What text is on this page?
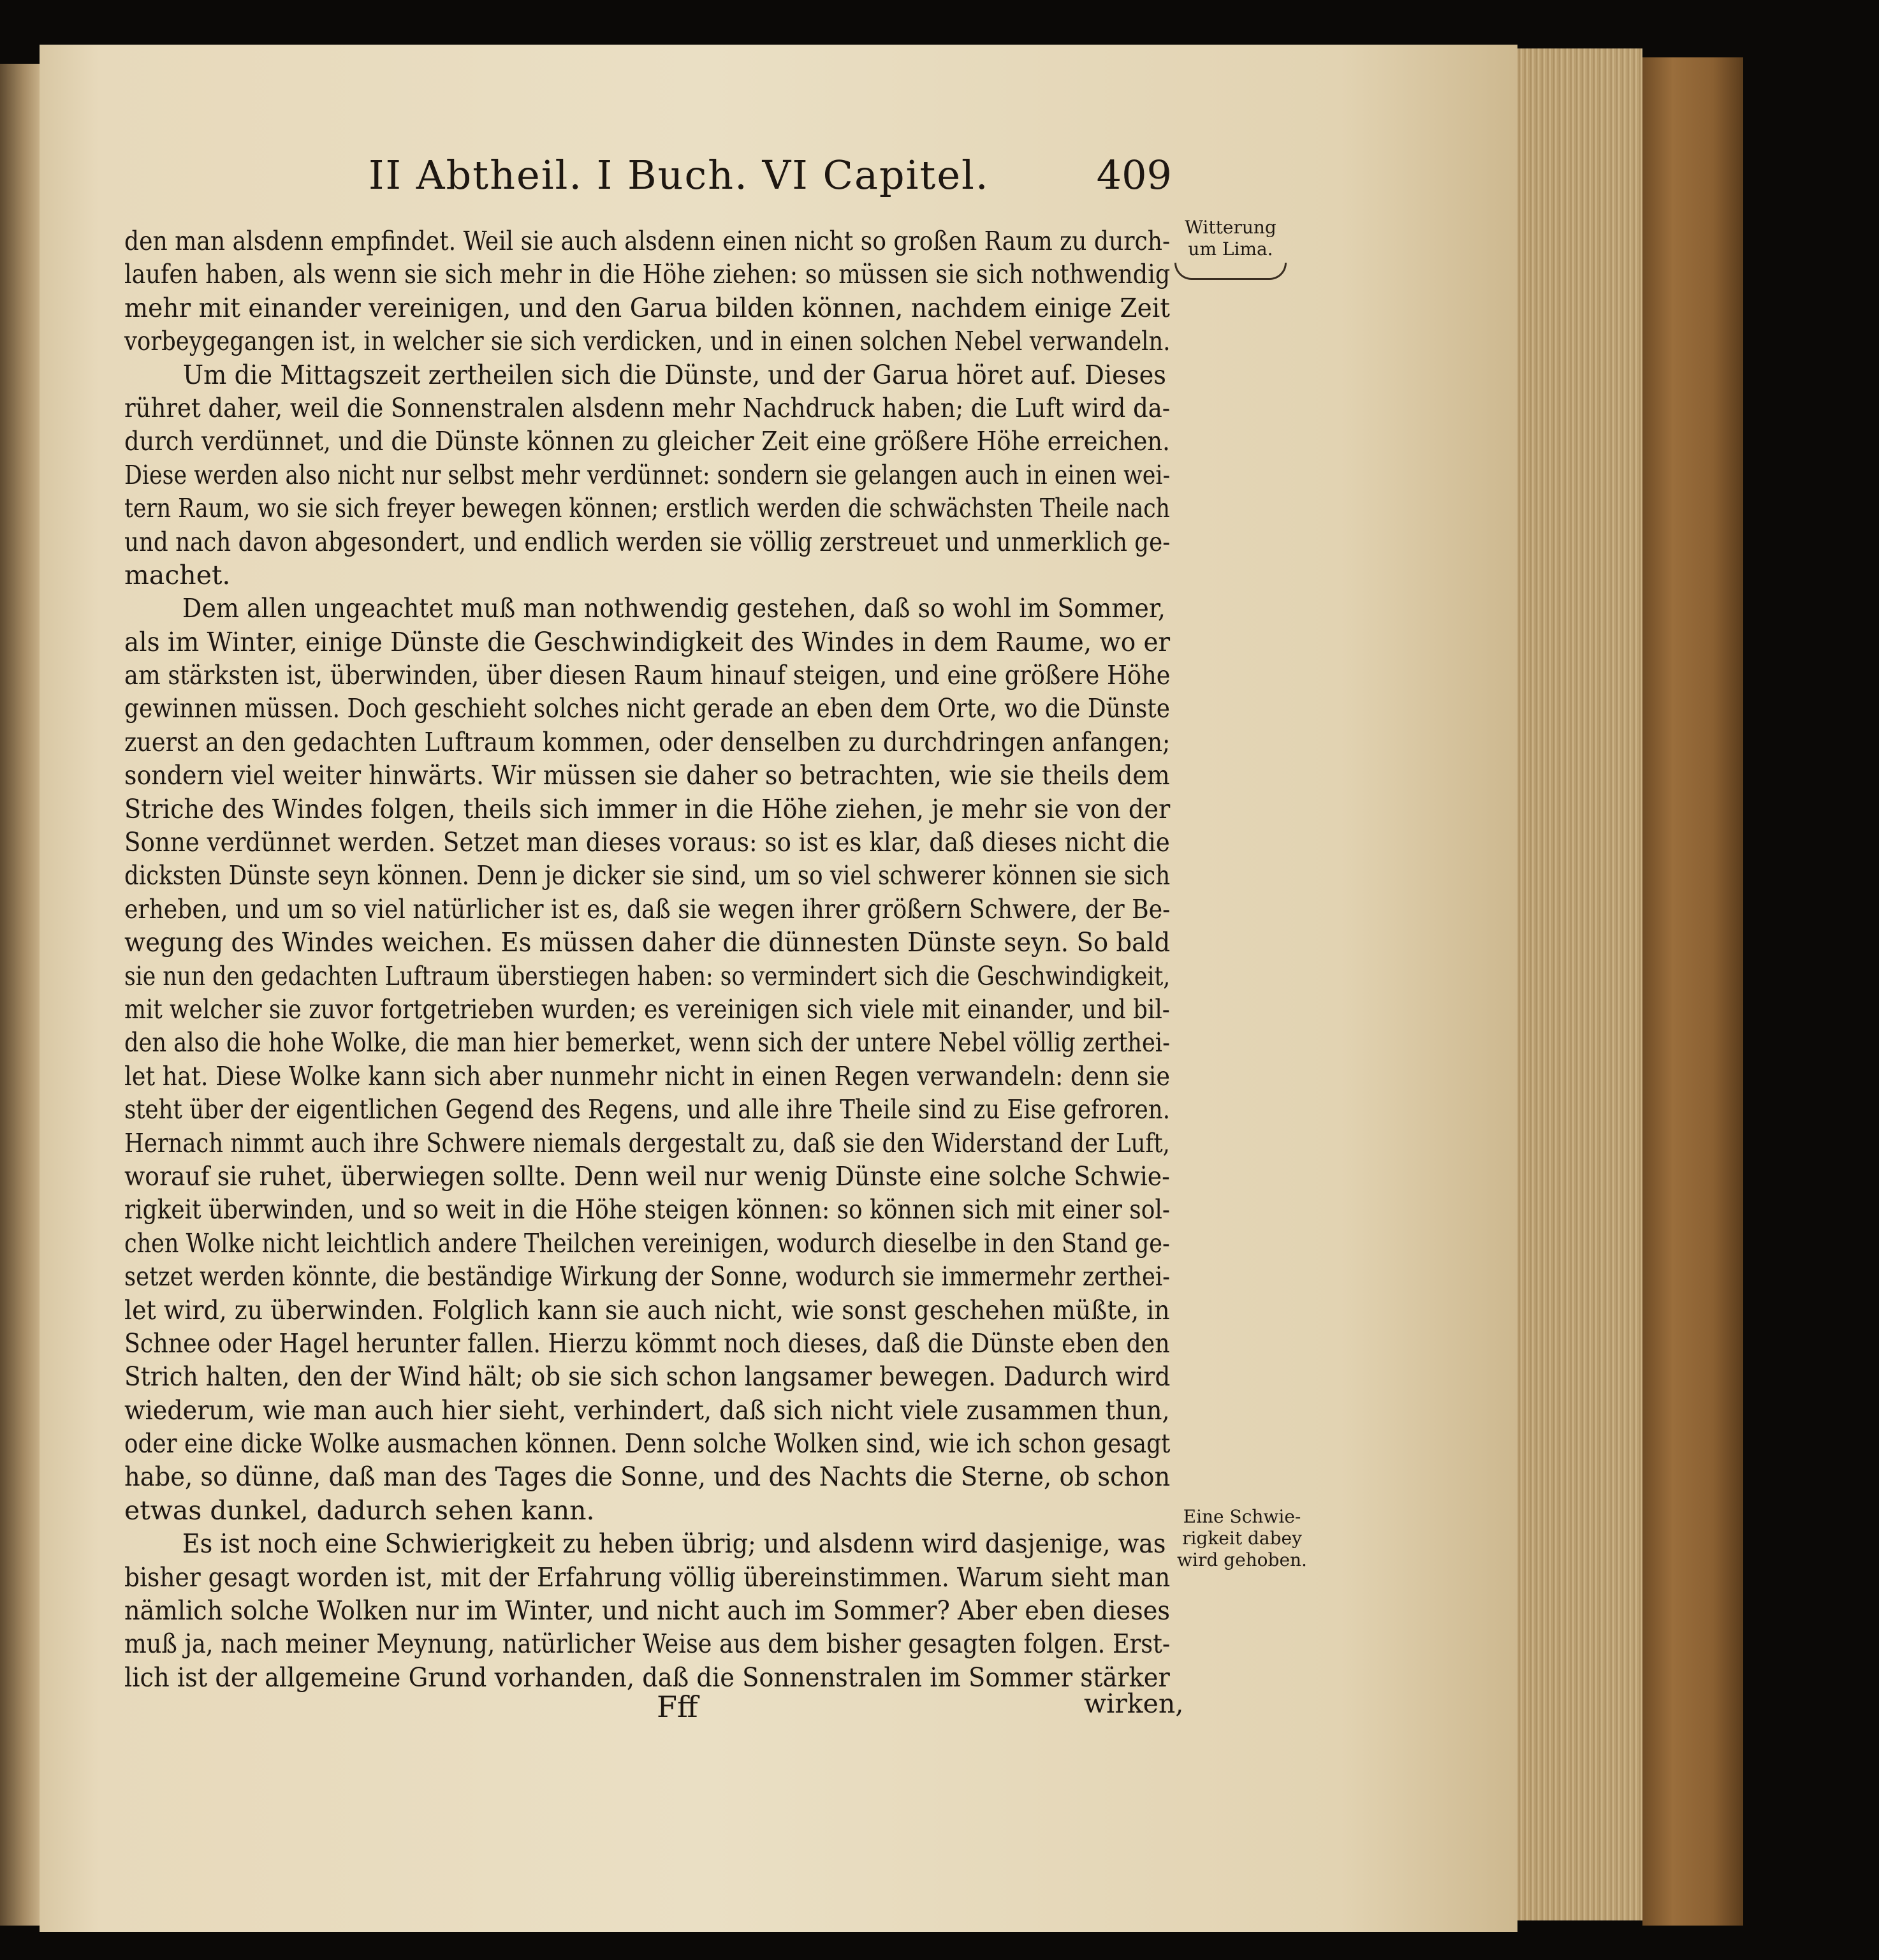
II Abtheil. I Buch. VI Capitel.	409
Witterung
um Lima.
Eine Schwie-
rigkeit dabey
wird gehoben.
den man alsdenn empfindet. Weil sie auch alsdenn einen nicht so großen Raum zu durch-
laufen haben, als wenn sie sich mehr in die Höhe ziehen: so müssen sie sich nothwendig
mehr mit einander vereinigen, und den Garua bilden können, nachdem einige Zeit
vorbeygegangen ist, in welcher sie sich verdicken, und in einen solchen Nebel verwandeln.
Um die Mittagszeit zertheilen sich die Dünste, und der Garua höret auf. Dieses
rühret daher, weil die Sonnenstralen alsdenn mehr Nachdruck haben; die Luft wird da-
durch verdünnet, und die Dünste können zu gleicher Zeit eine größere Höhe erreichen.
Diese werden also nicht nur selbst mehr verdünnet: sondern sie gelangen auch in einen wei-
tern Raum, wo sie sich freyer bewegen können; erstlich werden die schwächsten Theile nach
und nach davon abgesondert, und endlich werden sie völlig zerstreuet und unmerklich ge-
machet.
Dem allen ungeachtet muß man nothwendig gestehen, daß so wohl im Sommer,
als im Winter, einige Dünste die Geschwindigkeit des Windes in dem Raume, wo er
am stärksten ist, überwinden, über diesen Raum hinauf steigen, und eine größere Höhe
gewinnen müssen. Doch geschieht solches nicht gerade an eben dem Orte, wo die Dünste
zuerst an den gedachten Luftraum kommen, oder denselben zu durchdringen anfangen;
sondern viel weiter hinwärts. Wir müssen sie daher so betrachten, wie sie theils dem
Striche des Windes folgen, theils sich immer in die Höhe ziehen, je mehr sie von der
Sonne verdünnet werden. Setzet man dieses voraus: so ist es klar, daß dieses nicht die
dicksten Dünste seyn können. Denn je dicker sie sind, um so viel schwerer können sie sich
erheben, und um so viel natürlicher ist es, daß sie wegen ihrer größern Schwere, der Be-
wegung des Windes weichen. Es müssen daher die dünnesten Dünste seyn. So bald
sie nun den gedachten Luftraum überstiegen haben: so vermindert sich die Geschwindigkeit,
mit welcher sie zuvor fortgetrieben wurden; es vereinigen sich viele mit einander, und bil-
den also die hohe Wolke, die man hier bemerket, wenn sich der untere Nebel völlig zerthei-
let hat. Diese Wolke kann sich aber nunmehr nicht in einen Regen verwandeln: denn sie
steht über der eigentlichen Gegend des Regens, und alle ihre Theile sind zu Eise gefroren.
Hernach nimmt auch ihre Schwere niemals dergestalt zu, daß sie den Widerstand der Luft,
worauf sie ruhet, überwiegen sollte. Denn weil nur wenig Dünste eine solche Schwie-
rigkeit überwinden, und so weit in die Höhe steigen können: so können sich mit einer sol-
chen Wolke nicht leichtlich andere Theilchen vereinigen, wodurch dieselbe in den Stand ge-
setzet werden könnte, die beständige Wirkung der Sonne, wodurch sie immermehr zerthei-
let wird, zu überwinden. Folglich kann sie auch nicht, wie sonst geschehen müßte, in
Schnee oder Hagel herunter fallen. Hierzu kömmt noch dieses, daß die Dünste eben den
Strich halten, den der Wind hält; ob sie sich schon langsamer bewegen. Dadurch wird
wiederum, wie man auch hier sieht, verhindert, daß sich nicht viele zusammen thun,
oder eine dicke Wolke ausmachen können. Denn solche Wolken sind, wie ich schon gesagt
habe, so dünne, daß man des Tages die Sonne, und des Nachts die Sterne, ob schon
etwas dunkel, dadurch sehen kann.
Es ist noch eine Schwierigkeit zu heben übrig; und alsdenn wird dasjenige, was
bisher gesagt worden ist, mit der Erfahrung völlig übereinstimmen. Warum sieht man
nämlich solche Wolken nur im Winter, und nicht auch im Sommer? Aber eben dieses
muß ja, nach meiner Meynung, natürlicher Weise aus dem bisher gesagten folgen. Erst-
lich ist der allgemeine Grund vorhanden, daß die Sonnenstralen im Sommer stärker
Fff	wirken,
